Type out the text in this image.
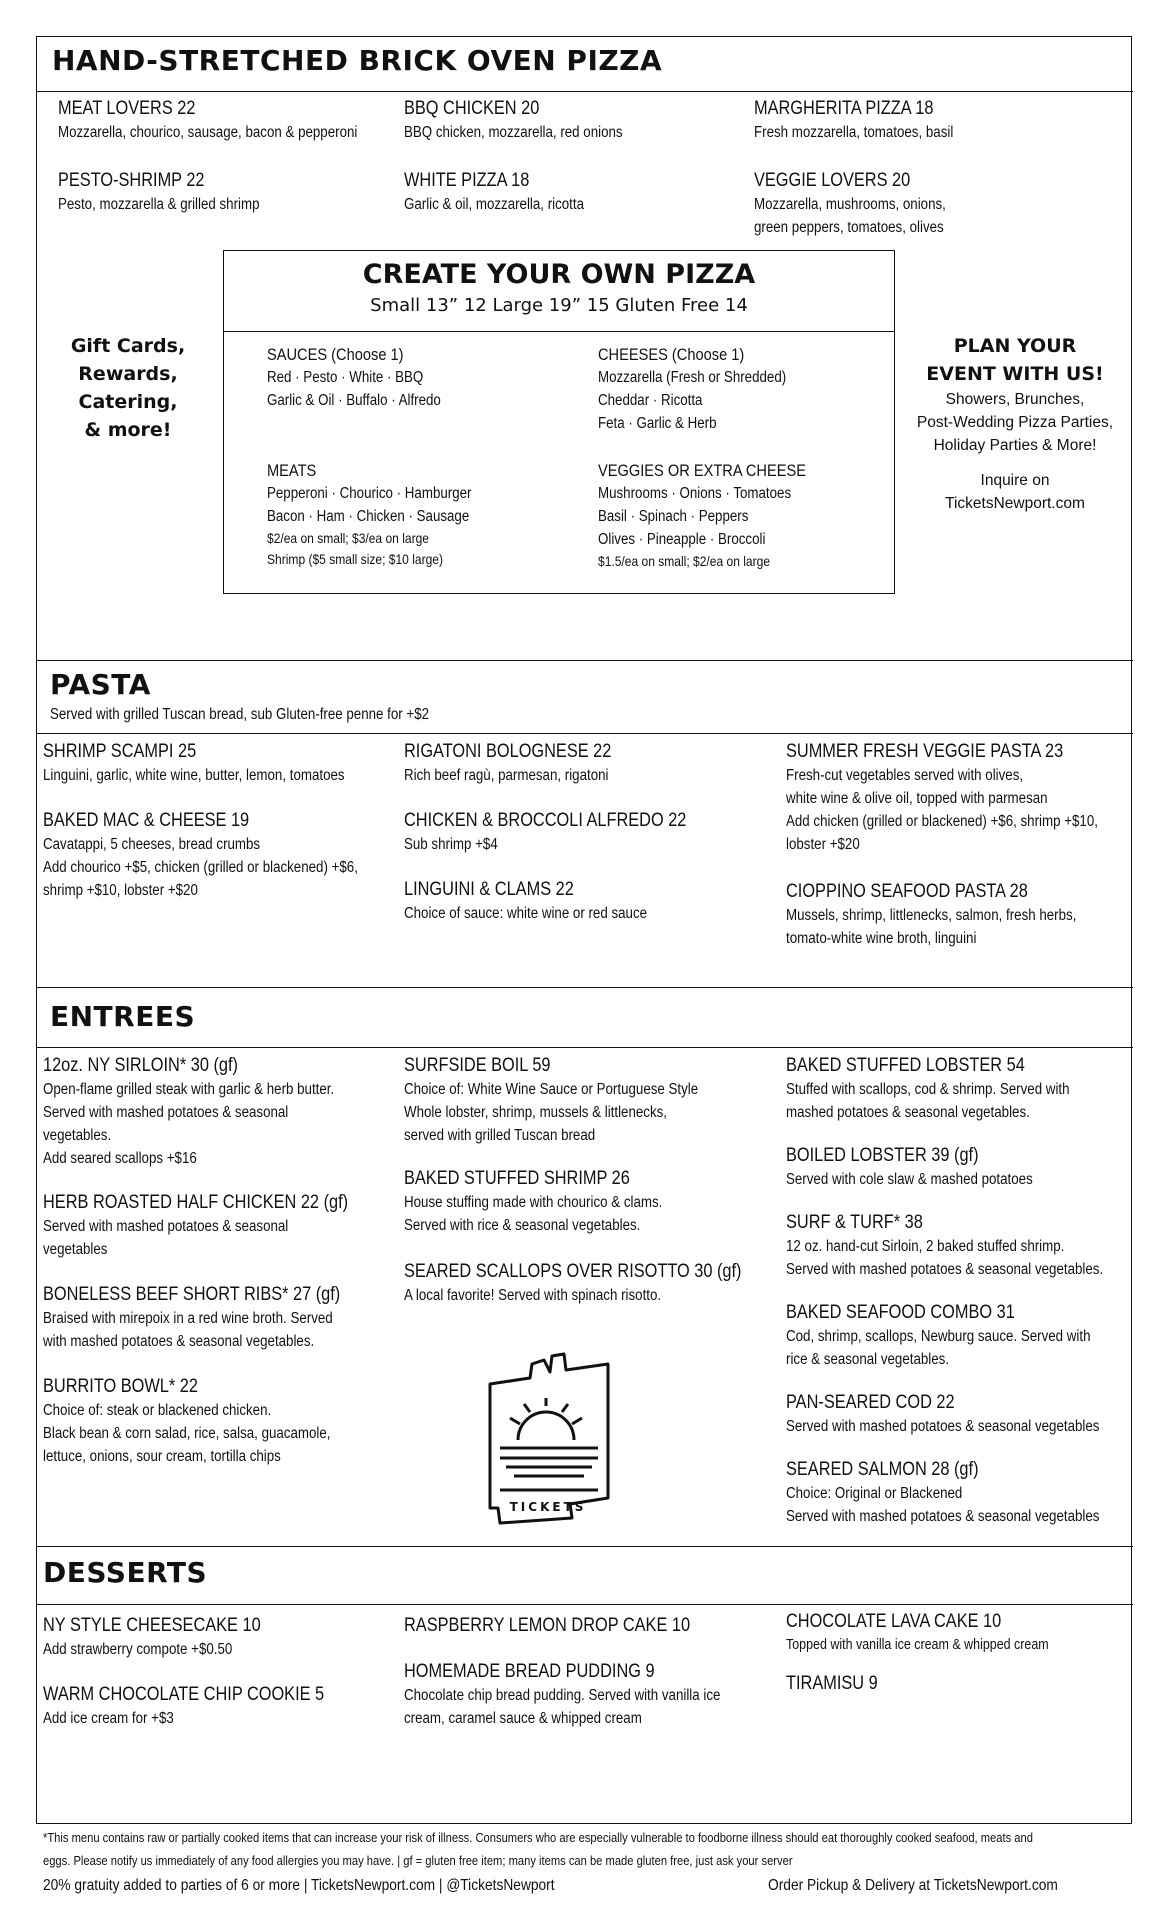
HAND-STRETCHED BRICK OVEN PIZZA
MEAT LOVERS 22
Mozzarella, chourico, sausage, bacon & pepperoni
BBQ CHICKEN 20
BBQ chicken, mozzarella, red onions
MARGHERITA PIZZA 18
Fresh mozzarella, tomatoes, basil
PESTO-SHRIMP 22
Pesto, mozzarella & grilled shrimp
WHITE PIZZA 18
Garlic & oil, mozzarella, ricotta
VEGGIE LOVERS 20
Mozzarella, mushrooms, onions,
green peppers, tomatoes, olives
Gift Cards,
Rewards,
Catering,
& more!
CREATE YOUR OWN PIZZA
Small 13” 12 Large 19” 15 Gluten Free 14
SAUCES (Choose 1)
Red · Pesto · White · BBQ
Garlic & Oil · Buffalo · Alfredo
CHEESES (Choose 1)
Mozzarella (Fresh or Shredded)
Cheddar · Ricotta
Feta · Garlic & Herb
MEATS
Pepperoni · Chourico · Hamburger
Bacon · Ham · Chicken · Sausage
$2/ea on small; $3/ea on large
Shrimp ($5 small size; $10 large)
VEGGIES OR EXTRA CHEESE
Mushrooms · Onions · Tomatoes
Basil · Spinach · Peppers
Olives · Pineapple · Broccoli
$1.5/ea on small; $2/ea on large
PLAN YOUR
EVENT WITH US!
Showers, Brunches,
Post-Wedding Pizza Parties,
Holiday Parties & More!
Inquire on
TicketsNewport.com
PASTA
Served with grilled Tuscan bread, sub Gluten-free penne for +$2
SHRIMP SCAMPI 25
Linguini, garlic, white wine, butter, lemon, tomatoes
BAKED MAC & CHEESE 19
Cavatappi, 5 cheeses, bread crumbs
Add chourico +$5, chicken (grilled or blackened) +$6,
shrimp +$10, lobster +$20
RIGATONI BOLOGNESE 22
Rich beef ragù, parmesan, rigatoni
CHICKEN & BROCCOLI ALFREDO 22
Sub shrimp +$4
LINGUINI & CLAMS 22
Choice of sauce: white wine or red sauce
SUMMER FRESH VEGGIE PASTA 23
Fresh-cut vegetables served with olives,
white wine & olive oil, topped with parmesan
Add chicken (grilled or blackened) +$6, shrimp +$10,
lobster +$20
CIOPPINO SEAFOOD PASTA 28
Mussels, shrimp, littlenecks, salmon, fresh herbs,
tomato-white wine broth, linguini
ENTREES
12oz. NY SIRLOIN* 30 (gf)
Open-flame grilled steak with garlic & herb butter.
Served with mashed potatoes & seasonal
vegetables.
Add seared scallops +$16
HERB ROASTED HALF CHICKEN 22 (gf)
Served with mashed potatoes & seasonal
vegetables
BONELESS BEEF SHORT RIBS* 27 (gf)
Braised with mirepoix in a red wine broth. Served
with mashed potatoes & seasonal vegetables.
BURRITO BOWL* 22
Choice of: steak or blackened chicken.
Black bean & corn salad, rice, salsa, guacamole,
lettuce, onions, sour cream, tortilla chips
SURFSIDE BOIL 59
Choice of: White Wine Sauce or Portuguese Style
Whole lobster, shrimp, mussels & littlenecks,
served with grilled Tuscan bread
BAKED STUFFED SHRIMP 26
House stuffing made with chourico & clams.
Served with rice & seasonal vegetables.
SEARED SCALLOPS OVER RISOTTO 30 (gf)
A local favorite! Served with spinach risotto.
TICKETS
BAKED STUFFED LOBSTER 54
Stuffed with scallops, cod & shrimp. Served with
mashed potatoes & seasonal vegetables.
BOILED LOBSTER 39 (gf)
Served with cole slaw & mashed potatoes
SURF & TURF* 38
12 oz. hand-cut Sirloin, 2 baked stuffed shrimp.
Served with mashed potatoes & seasonal vegetables.
BAKED SEAFOOD COMBO 31
Cod, shrimp, scallops, Newburg sauce. Served with
rice & seasonal vegetables.
PAN-SEARED COD 22
Served with mashed potatoes & seasonal vegetables
SEARED SALMON 28 (gf)
Choice: Original or Blackened
Served with mashed potatoes & seasonal vegetables
DESSERTS
NY STYLE CHEESECAKE 10
Add strawberry compote +$0.50
WARM CHOCOLATE CHIP COOKIE 5
Add ice cream for +$3
RASPBERRY LEMON DROP CAKE 10
HOMEMADE BREAD PUDDING 9
Chocolate chip bread pudding. Served with vanilla ice
cream, caramel sauce & whipped cream
CHOCOLATE LAVA CAKE 10
Topped with vanilla ice cream & whipped cream
TIRAMISU 9
*This menu contains raw or partially cooked items that can increase your risk of illness. Consumers who are especially vulnerable to foodborne illness should eat thoroughly cooked seafood, meats and
eggs. Please notify us immediately of any food allergies you may have. | gf = gluten free item; many items can be made gluten free, just ask your server
20% gratuity added to parties of 6 or more | TicketsNewport.com | @TicketsNewport	Order Pickup & Delivery at TicketsNewport.com
